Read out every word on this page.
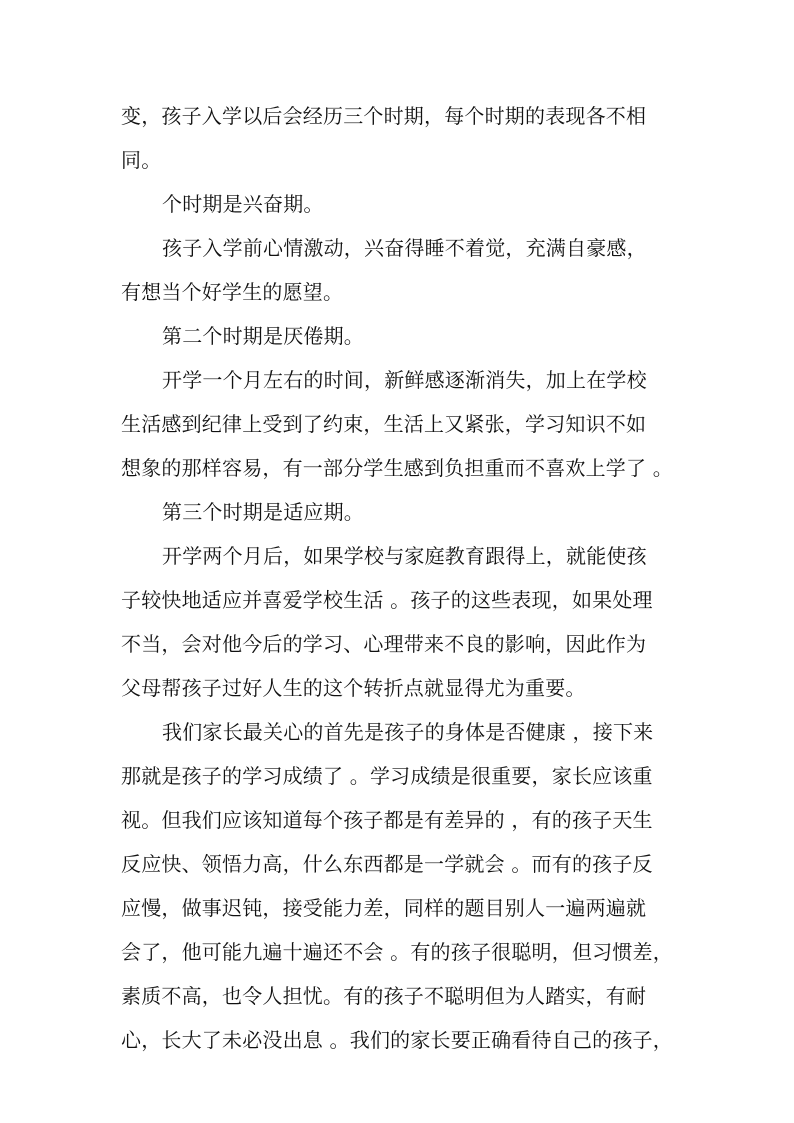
变，孩子入学以后会经历三个时期，每个时期的表现各不相
同。
个时期是兴奋期。
孩子入学前心情激动，兴奋得睡不着觉，充满自豪感，
有想当个好学生的愿望。
第二个时期是厌倦期。
开学一个月左右的时间，新鲜感逐渐消失，加上在学校
生活感到纪律上受到了约束，生活上又紧张，学习知识不如
想象的那样容易，有一部分学生感到负担重而不喜欢上学了 。
第三个时期是适应期。
开学两个月后，如果学校与家庭教育跟得上，就能使孩
子较快地适应并喜爱学校生活 。孩子的这些表现，如果处理
不当，会对他今后的学习、心理带来不良的影响，因此作为
父母帮孩子过好人生的这个转折点就显得尤为重要。
我们家长最关心的首先是孩子的身体是否健康 ，接下来
那就是孩子的学习成绩了 。学习成绩是很重要，家长应该重
视。但我们应该知道每个孩子都是有差异的 ，有的孩子天生
反应快、领悟力高，什么东西都是一学就会 。而有的孩子反
应慢，做事迟钝，接受能力差，同样的题目别人一遍两遍就
会了，他可能九遍十遍还不会 。有的孩子很聪明，但习惯差，
素质不高，也令人担忧。有的孩子不聪明但为人踏实，有耐
心，长大了未必没出息 。我们的家长要正确看待自己的孩子，
